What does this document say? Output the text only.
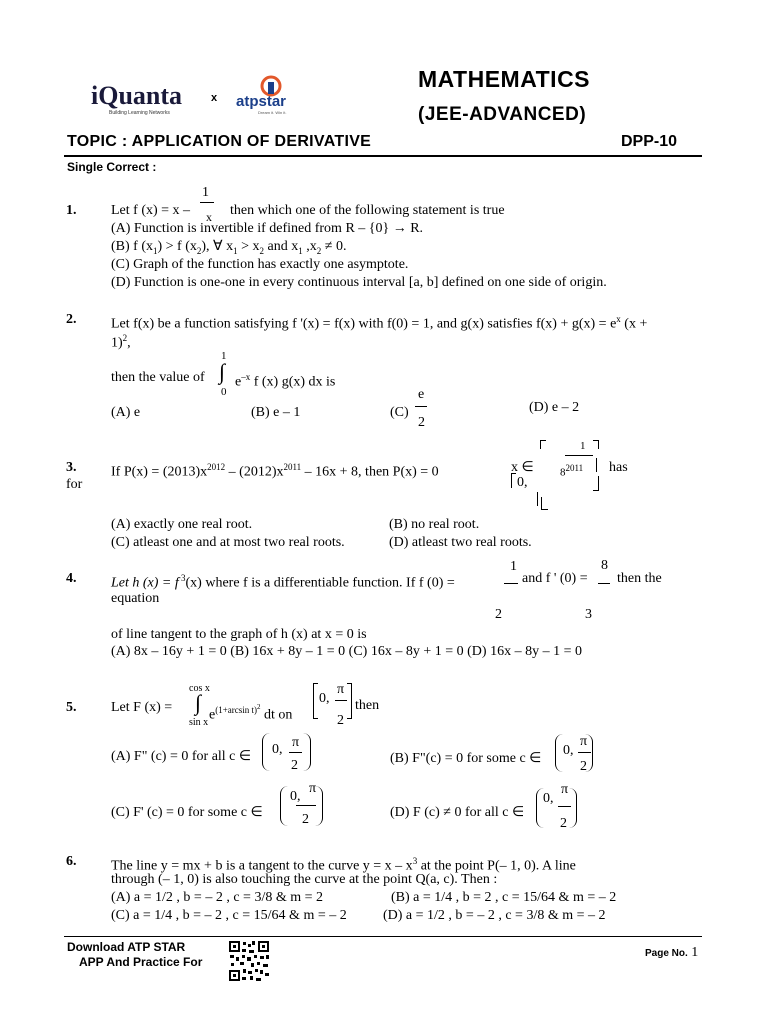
iQuanta
Building Learning Networks
x atpstar
Dream it. Win it.
MATHEMATICS
(JEE-ADVANCED)
TOPIC : APPLICATION OF DERIVATIVE	DPP-10
Single Correct :
1.
1
x
Let f (x) = x –	then which one of the following statement is true
(A) Function is invertible if defined from R – {0} → R.
(B) f $(x_1) > f$ $(x_2)$, ∀ $x_1 > x_2$ and $x_1$ $,x_2 \ne 0$.
(C) Graph of the function has exactly one asymptote.
(D) Function is one-one in every continuous interval [a, b] defined on one side of origin.
2. Let f(x) be a function satisfying f '(x) = f(x) with f(0) = 1, and g(x) satisfies $f(x) + g(x) = e^x$ (x +
1)$^2$,
1
then the value of ∫ $e^{-x}$ f (x) g(x) dx is
0
(A) e	(B) e – 1	(C)
e
2
(D) e – 2
3. If $P(x) = (2013)x^{2012} - (2012)x^{2011} - 16x + 8$, then P(x) = 0	x ∈
1
$8^{2011}$ has
0,
for
(A) exactly one real root.	(B) no real root.
(C) atleast one and at most two real roots.	(D) atleast two real roots.
4. Let h (x) = f $^3$(x) where f is a differentiable function. If f (0) =
1
and f ' (0) =
8
then the
equation
2	3
of line tangent to the graph of h (x) at x = 0 is
(A) 8x – 16y + 1 = 0 (B) 16x + 8y – 1 = 0 (C) 16x – 8y + 1 = 0 (D) 16x – 8y – 1 = 0
5. Let F (x) =
cos x
∫
sin x $e^{(1+arcsin t)^2}$ dt on
0,
π
2
then
(A) F" (c) = 0 for all c ∈ 0, π
2	(B) F"(c) = 0 for some c ∈
0,
π
2
(C) F' (c) = 0 for some c ∈
0,
π
2	(D) F (c) ≠ 0 for all c ∈
0,
π
2
6. The line y = mx + b is a tangent to the curve $y = x - x^3$ at the point P(– 1, 0). A line
through (– 1, 0) is also touching the curve at the point Q(a, c). Then :
(A) a = 1/2 , b = – 2 , c = 3/8 & m = 2	(B) a = 1/4 , b = 2 , c = 15/64 & m = – 2
(C) a = 1/4 , b = – 2 , c = 15/64 & m = – 2	(D) a = 1/2 , b = – 2 , c = 3/8 & m = – 2
Download ATP STAR
APP And Practice For
Page No. 1
